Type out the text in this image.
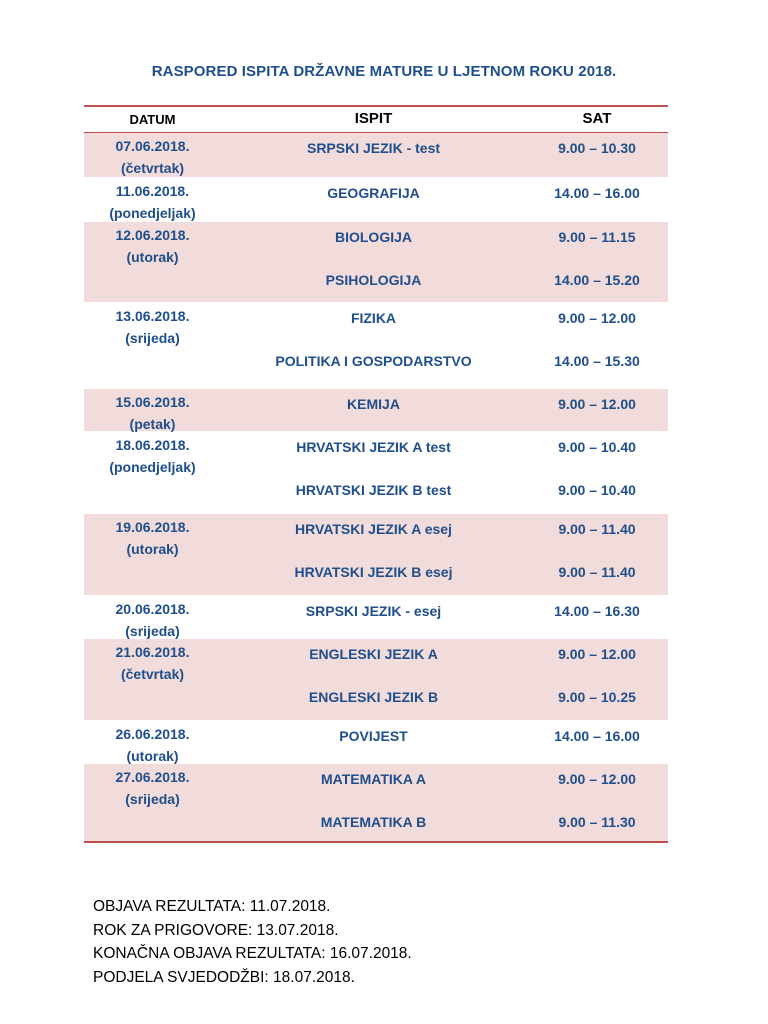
RASPORED ISPITA DRŽAVNE MATURE U LJETNOM ROKU 2018.
DATUM	ISPIT	SAT
07.06.2018.
(četvrtak)
SRPSKI JEZIK - test	9.00 – 10.30
11.06.2018.
(ponedjeljak)
GEOGRAFIJA	14.00 – 16.00
12.06.2018.
(utorak)
BIOLOGIJA	9.00 – 11.15
PSIHOLOGIJA	14.00 – 15.20
13.06.2018.
(srijeda)
FIZIKA	9.00 – 12.00
POLITIKA I GOSPODARSTVO	14.00 – 15.30
15.06.2018.
(petak)
KEMIJA	9.00 – 12.00
18.06.2018.
(ponedjeljak)
HRVATSKI JEZIK A test	9.00 – 10.40
HRVATSKI JEZIK B test	9.00 – 10.40
19.06.2018.
(utorak)
HRVATSKI JEZIK A esej	9.00 – 11.40
HRVATSKI JEZIK B esej	9.00 – 11.40
20.06.2018.
(srijeda)
SRPSKI JEZIK - esej	14.00 – 16.30
21.06.2018.
(četvrtak)
ENGLESKI JEZIK A	9.00 – 12.00
ENGLESKI JEZIK B	9.00 – 10.25
26.06.2018.
(utorak)
POVIJEST	14.00 – 16.00
27.06.2018.
(srijeda)
MATEMATIKA A	9.00 – 12.00
MATEMATIKA B	9.00 – 11.30
OBJAVA REZULTATA: 11.07.2018.
ROK ZA PRIGOVORE: 13.07.2018.
KONAČNA OBJAVA REZULTATA: 16.07.2018.
PODJELA SVJEDODŽBI: 18.07.2018.
